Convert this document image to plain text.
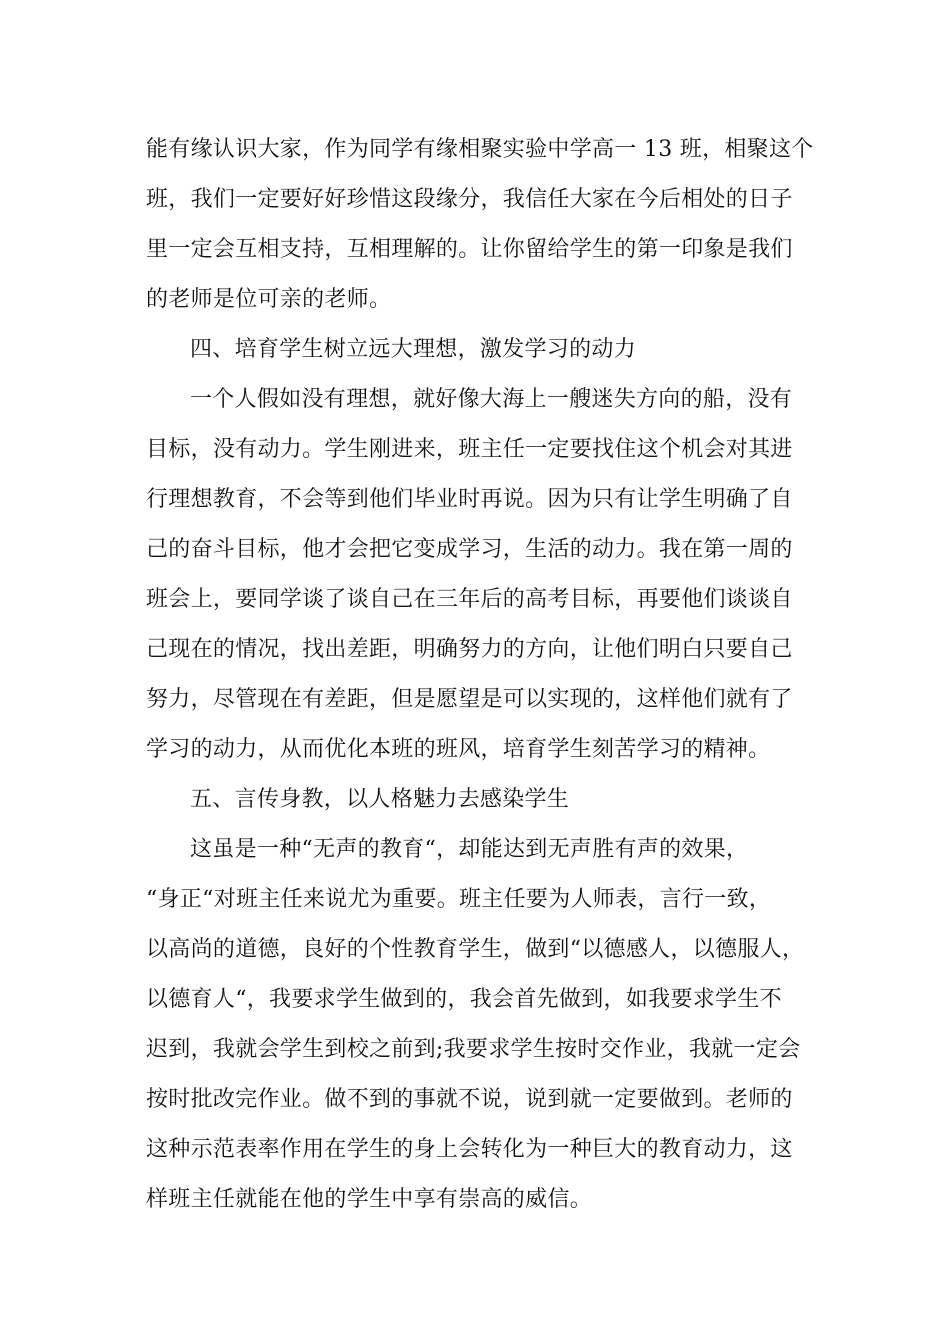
能有缘认识大家，作为同学有缘相聚实验中学高一 13 班，相聚这个
班，我们一定要好好珍惜这段缘分，我信任大家在今后相处的日子
里一定会互相支持，互相理解的。让你留给学生的第一印象是我们
的老师是位可亲的老师。
四、培育学生树立远大理想，激发学习的动力
一个人假如没有理想，就好像大海上一艘迷失方向的船，没有
目标，没有动力。学生刚进来，班主任一定要找住这个机会对其进
行理想教育，不会等到他们毕业时再说。因为只有让学生明确了自
己的奋斗目标，他才会把它变成学习，生活的动力。我在第一周的
班会上，要同学谈了谈自己在三年后的高考目标，再要他们谈谈自
己现在的情况，找出差距，明确努力的方向，让他们明白只要自己
努力，尽管现在有差距，但是愿望是可以实现的，这样他们就有了
学习的动力，从而优化本班的班风，培育学生刻苦学习的精神。
五、言传身教，以人格魅力去感染学生
这虽是一种“无声的教育“，却能达到无声胜有声的效果，
“身正“对班主任来说尤为重要。班主任要为人师表，言行一致，
以高尚的道德，良好的个性教育学生，做到“以德感人，以德服人，
以德育人“，我要求学生做到的，我会首先做到，如我要求学生不
迟到，我就会学生到校之前到;我要求学生按时交作业，我就一定会
按时批改完作业。做不到的事就不说，说到就一定要做到。老师的
这种示范表率作用在学生的身上会转化为一种巨大的教育动力，这
样班主任就能在他的学生中享有崇高的威信。
